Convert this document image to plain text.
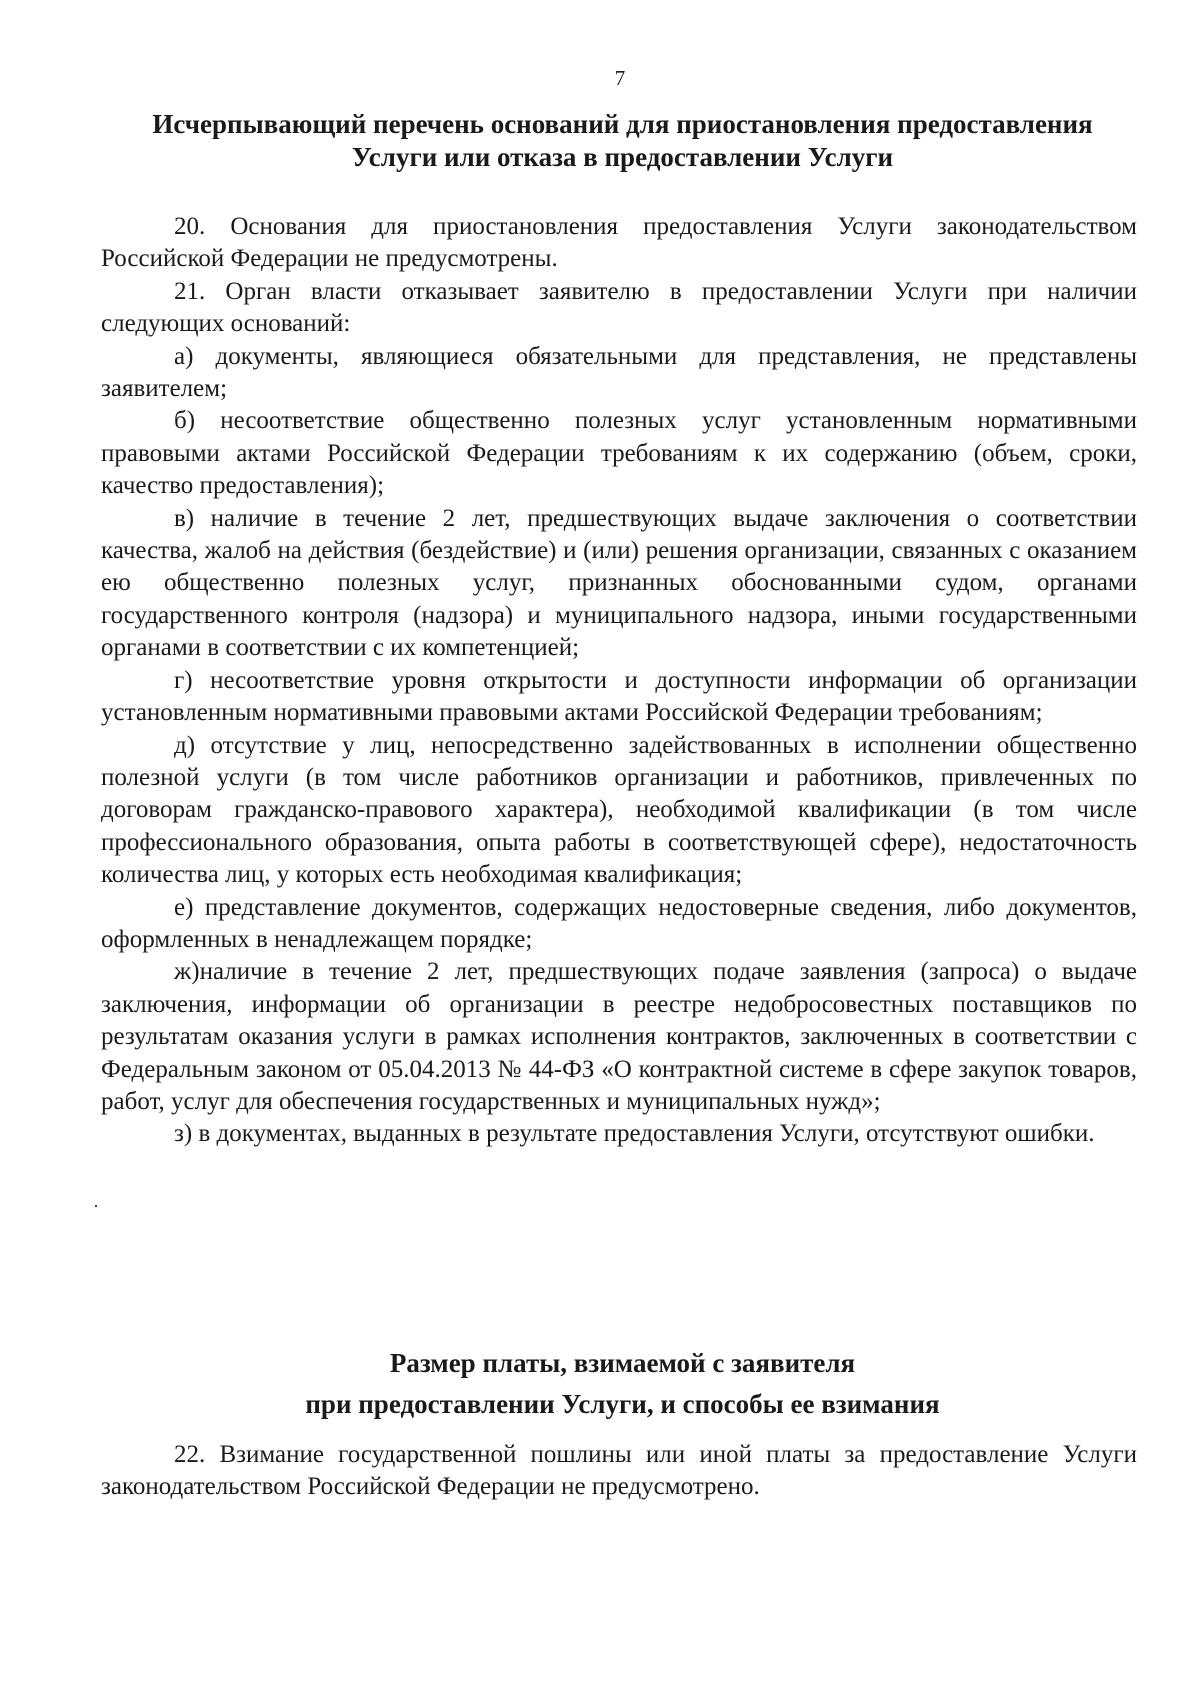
7
Исчерпывающий перечень оснований для приостановления предоставления
Услуги или отказа в предоставлении Услуги

20. Основания для приостановления предоставления Услуги законодательством Российской Федерации не предусмотрены.

21. Орган власти отказывает заявителю в предоставлении Услуги при наличии следующих оснований:

а) документы, являющиеся обязательными для представления, не представлены заявителем;

б) несоответствие общественно полезных услуг установленным нормативными правовыми актами Российской Федерации требованиям к их содержанию (объем, сроки, качество предоставления);

в) наличие в течение 2 лет, предшествующих выдаче заключения о соответствии качества, жалоб на действия (бездействие) и (или) решения организации, связанных с оказанием ею общественно полезных услуг, признанных обоснованными судом, органами государственного контроля (надзора) и муниципального надзора, иными государственными органами в соответствии с их компетенцией;

г) несоответствие уровня открытости и доступности информации об организации установленным нормативными правовыми актами Российской Федерации требованиям;

д) отсутствие у лиц, непосредственно задействованных в исполнении общественно полезной услуги (в том числе работников организации и работников, привлеченных по договорам гражданско-правового характера), необходимой квалификации (в том числе профессионального образования, опыта работы в соответствующей сфере), недостаточность количества лиц, у которых есть необходимая квалификация;

е) представление документов, содержащих недостоверные сведения, либо документов, оформленных в ненадлежащем порядке;

ж)наличие в течение 2 лет, предшествующих подаче заявления (запроса) о выдаче заключения, информации об организации в реестре недобросовестных поставщиков по результатам оказания услуги в рамках исполнения контрактов, заключенных в соответствии с Федеральным законом от 05.04.2013 № 44-ФЗ «О контрактной системе в сфере закупок товаров, работ, услуг для обеспечения государственных и муниципальных нужд»;

з) в документах, выданных в результате предоставления Услуги, отсутствуют ошибки.

Размер платы, взимаемой с заявителя
при предоставлении Услуги, и способы ее взимания

22. Взимание государственной пошлины или иной платы за предоставление Услуги законодательством Российской Федерации не предусмотрено.

·
